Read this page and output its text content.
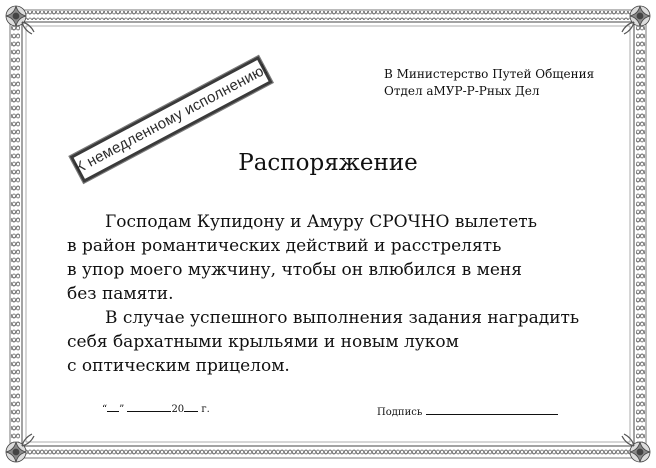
В Министерство Путей Общения
Отдел аМУР-Р-Рных Дел
К немедленному исполнению!
Распоряжение
Господам Купидону и Амуру СРОЧНО вылететь
в район романтических действий и расстрелять
в упор моего мужчину, чтобы он влюбился в меня
без памяти.
В случае успешного выполнения задания наградить
себя бархатными крыльями и новым луком
с оптическим прицелом.
“ ”	20 г.	Подпись
